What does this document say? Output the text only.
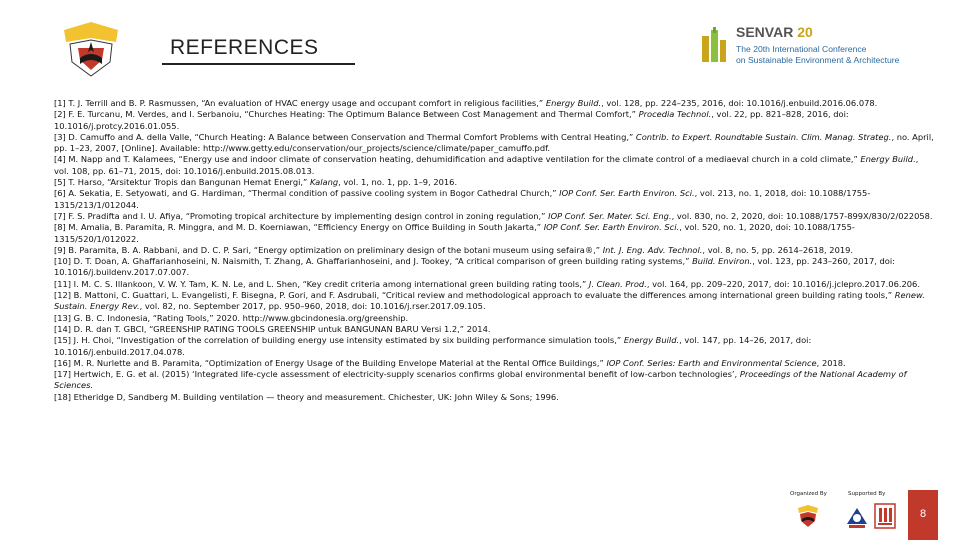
REFERENCES
SENVAR 20
The 20th International Conference
on Sustainable Environment & Architecture
[1] T. J. Terrill and B. P. Rasmussen, “An evaluation of HVAC energy usage and occupant comfort in religious facilities,” Energy Build., vol. 128, pp. 224–235, 2016, doi: 10.1016/j.enbuild.2016.06.078.
[2] F. E. Turcanu, M. Verdes, and I. Serbanoiu, “Churches Heating: The Optimum Balance Between Cost Management and Thermal Comfort,” Procedia Technol., vol. 22, pp. 821–828, 2016, doi: 10.1016/j.protcy.2016.01.055.
[3] D. Camuffo and A. della Valle, “Church Heating: A Balance between Conservation and Thermal Comfort Problems with Central Heating,” Contrib. to Expert. Roundtable Sustain. Clim. Manag. Strateg., no. April, pp. 1–23, 2007, [Online]. Available: http://www.getty.edu/conservation/our_projects/science/climate/paper_camuffo.pdf.
[4] M. Napp and T. Kalamees, “Energy use and indoor climate of conservation heating, dehumidification and adaptive ventilation for the climate control of a mediaeval church in a cold climate,” Energy Build., vol. 108, pp. 61–71, 2015, doi: 10.1016/j.enbuild.2015.08.013.
[5] T. Harso, “Arsitektur Tropis dan Bangunan Hemat Energi,” Kalang, vol. 1, no. 1, pp. 1–9, 2016.
[6] A. Sekatia, E. Setyowati, and G. Hardiman, “Thermal condition of passive cooling system in Bogor Cathedral Church,” IOP Conf. Ser. Earth Environ. Sci., vol. 213, no. 1, 2018, doi: 10.1088/1755-1315/213/1/012044.
[7] F. S. Pradifta and I. U. Afiya, “Promoting tropical architecture by implementing design control in zoning regulation,” IOP Conf. Ser. Mater. Sci. Eng., vol. 830, no. 2, 2020, doi: 10.1088/1757-899X/830/2/022058.
[8] M. Amalia, B. Paramita, R. Minggra, and M. D. Koerniawan, “Efficiency Energy on Office Building in South Jakarta,” IOP Conf. Ser. Earth Environ. Sci., vol. 520, no. 1, 2020, doi: 10.1088/1755-1315/520/1/012022.
[9] B. Paramita, B. A. Rabbani, and D. C. P. Sari, “Energy optimization on preliminary design of the botani museum using sefaira®,” Int. J. Eng. Adv. Technol., vol. 8, no. 5, pp. 2614–2618, 2019.
[10] D. T. Doan, A. Ghaffarianhoseini, N. Naismith, T. Zhang, A. Ghaffarianhoseini, and J. Tookey, “A critical comparison of green building rating systems,” Build. Environ., vol. 123, pp. 243–260, 2017, doi: 10.1016/j.buildenv.2017.07.007.
[11] I. M. C. S. Illankoon, V. W. Y. Tam, K. N. Le, and L. Shen, “Key credit criteria among international green building rating tools,” J. Clean. Prod., vol. 164, pp. 209–220, 2017, doi: 10.1016/j.jclepro.2017.06.206.
[12] B. Mattoni, C. Guattari, L. Evangelisti, F. Bisegna, P. Gori, and F. Asdrubali, “Critical review and methodological approach to evaluate the differences among international green building rating tools,” Renew. Sustain. Energy Rev., vol. 82, no. September 2017, pp. 950–960, 2018, doi: 10.1016/j.rser.2017.09.105.
[13] G. B. C. Indonesia, “Rating Tools,” 2020. http://www.gbcindonesia.org/greenship.
[14] D. R. dan T. GBCI, “GREENSHIP RATING TOOLS GREENSHIP untuk BANGUNAN BARU Versi 1.2,” 2014.
[15] J. H. Choi, “Investigation of the correlation of building energy use intensity estimated by six building performance simulation tools,” Energy Build., vol. 147, pp. 14–26, 2017, doi: 10.1016/j.enbuild.2017.04.078.
[16] M. R. Nurlette and B. Paramita, “Optimization of Energy Usage of the Building Envelope Material at the Rental Office Buildings,” IOP Conf. Series: Earth and Environmental Science, 2018.
[17] Hertwich, E. G. et al. (2015) ‘Integrated life-cycle assessment of electricity-supply scenarios confirms global environmental benefit of low-carbon technologies’, Proceedings of the National Academy of Sciences.
[18] Etheridge D, Sandberg M. Building ventilation — theory and measurement. Chichester, UK: John Wiley & Sons; 1996.
Organized By	Supported By
8
